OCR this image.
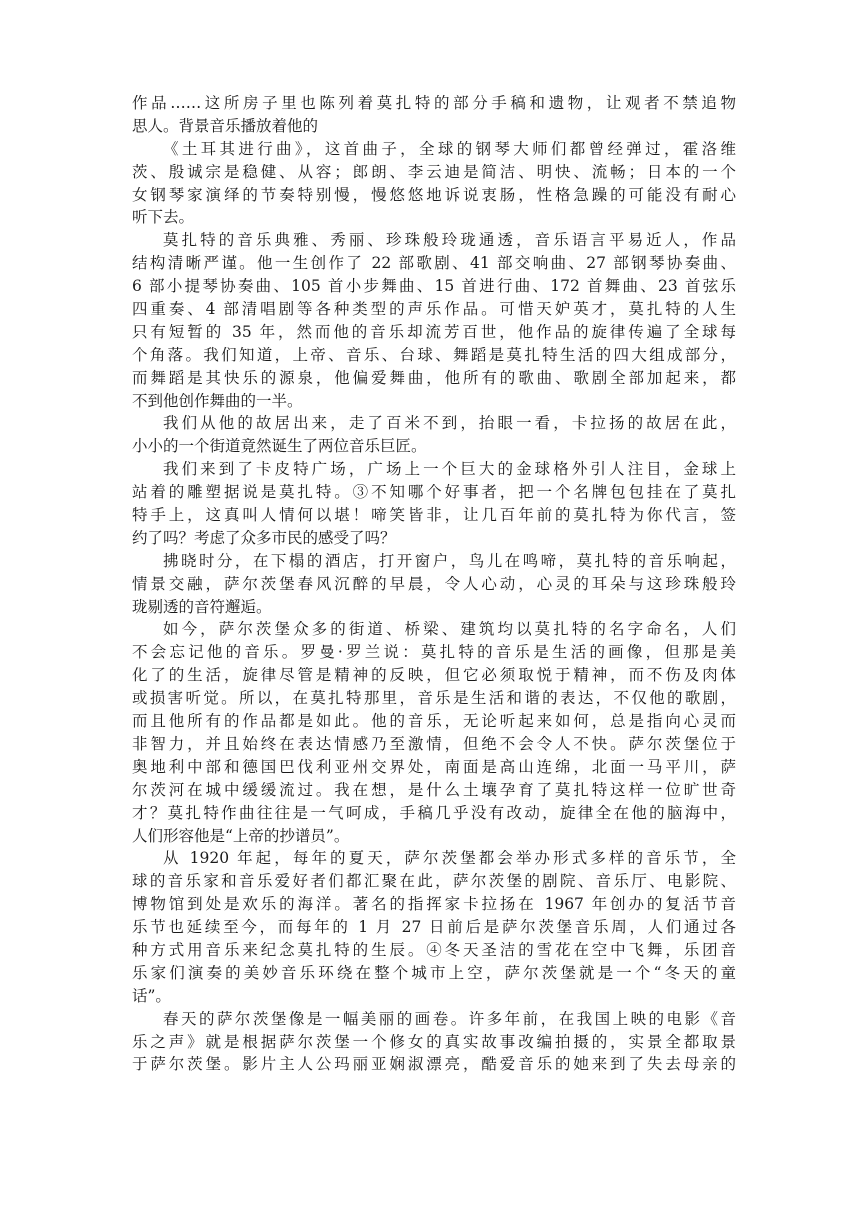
作品……这所房子里也陈列着莫扎特的部分手稿和遗物，让观者不禁追物
思人。背景音乐播放着他的
《土耳其进行曲》，这首曲子，全球的钢琴大师们都曾经弹过，霍洛维
茨、殷诚宗是稳健、从容；郎朗、李云迪是简洁、明快、流畅；日本的一个
女钢琴家演绎的节奏特别慢，慢悠悠地诉说衷肠，性格急躁的可能没有耐心
听下去。
莫扎特的音乐典雅、秀丽、珍珠般玲珑通透，音乐语言平易近人，作品
结构清晰严谨。他一生创作了 22 部歌剧、41 部交响曲、27 部钢琴协奏曲、
6 部小提琴协奏曲、105 首小步舞曲、15 首进行曲、172 首舞曲、23 首弦乐
四重奏、4 部清唱剧等各种类型的声乐作品。可惜天妒英才，莫扎特的人生
只有短暂的 35 年，然而他的音乐却流芳百世，他作品的旋律传遍了全球每
个角落。我们知道，上帝、音乐、台球、舞蹈是莫扎特生活的四大组成部分，
而舞蹈是其快乐的源泉，他偏爱舞曲，他所有的歌曲、歌剧全部加起来，都
不到他创作舞曲的一半。
我们从他的故居出来，走了百米不到，抬眼一看，卡拉扬的故居在此，
小小的一个街道竟然诞生了两位音乐巨匠。
我们来到了卡皮特广场，广场上一个巨大的金球格外引人注目，金球上
站着的雕塑据说是莫扎特。③不知哪个好事者，把一个名牌包包挂在了莫扎
特手上，这真叫人情何以堪！啼笑皆非，让几百年前的莫扎特为你代言，签
约了吗？考虑了众多市民的感受了吗？
拂晓时分，在下榻的酒店，打开窗户，鸟儿在鸣啼，莫扎特的音乐响起，
情景交融，萨尔茨堡春风沉醉的早晨，令人心动，心灵的耳朵与这珍珠般玲
珑剔透的音符邂逅。
如今，萨尔茨堡众多的街道、桥梁、建筑均以莫扎特的名字命名，人们
不会忘记他的音乐。罗曼·罗兰说：莫扎特的音乐是生活的画像，但那是美
化了的生活，旋律尽管是精神的反映，但它必须取悦于精神，而不伤及肉体
或损害听觉。所以，在莫扎特那里，音乐是生活和谐的表达，不仅他的歌剧，
而且他所有的作品都是如此。他的音乐，无论听起来如何，总是指向心灵而
非智力，并且始终在表达情感乃至激情，但绝不会令人不快。萨尔茨堡位于
奥地利中部和德国巴伐利亚州交界处，南面是高山连绵，北面一马平川，萨
尔茨河在城中缓缓流过。我在想，是什么土壤孕育了莫扎特这样一位旷世奇
才？莫扎特作曲往往是一气呵成，手稿几乎没有改动，旋律全在他的脑海中，
人们形容他是“上帝的抄谱员”。
从 1920 年起，每年的夏天，萨尔茨堡都会举办形式多样的音乐节，全
球的音乐家和音乐爱好者们都汇聚在此，萨尔茨堡的剧院、音乐厅、电影院、
博物馆到处是欢乐的海洋。著名的指挥家卡拉扬在 1967 年创办的复活节音
乐节也延续至今，而每年的 1 月 27 日前后是萨尔茨堡音乐周，人们通过各
种方式用音乐来纪念莫扎特的生辰。④冬天圣洁的雪花在空中飞舞，乐团音
乐家们演奏的美妙音乐环绕在整个城市上空，萨尔茨堡就是一个“冬天的童
话”。
春天的萨尔茨堡像是一幅美丽的画卷。许多年前，在我国上映的电影《音
乐之声》就是根据萨尔茨堡一个修女的真实故事改编拍摄的，实景全都取景
于萨尔茨堡。影片主人公玛丽亚娴淑漂亮，酷爱音乐的她来到了失去母亲的
